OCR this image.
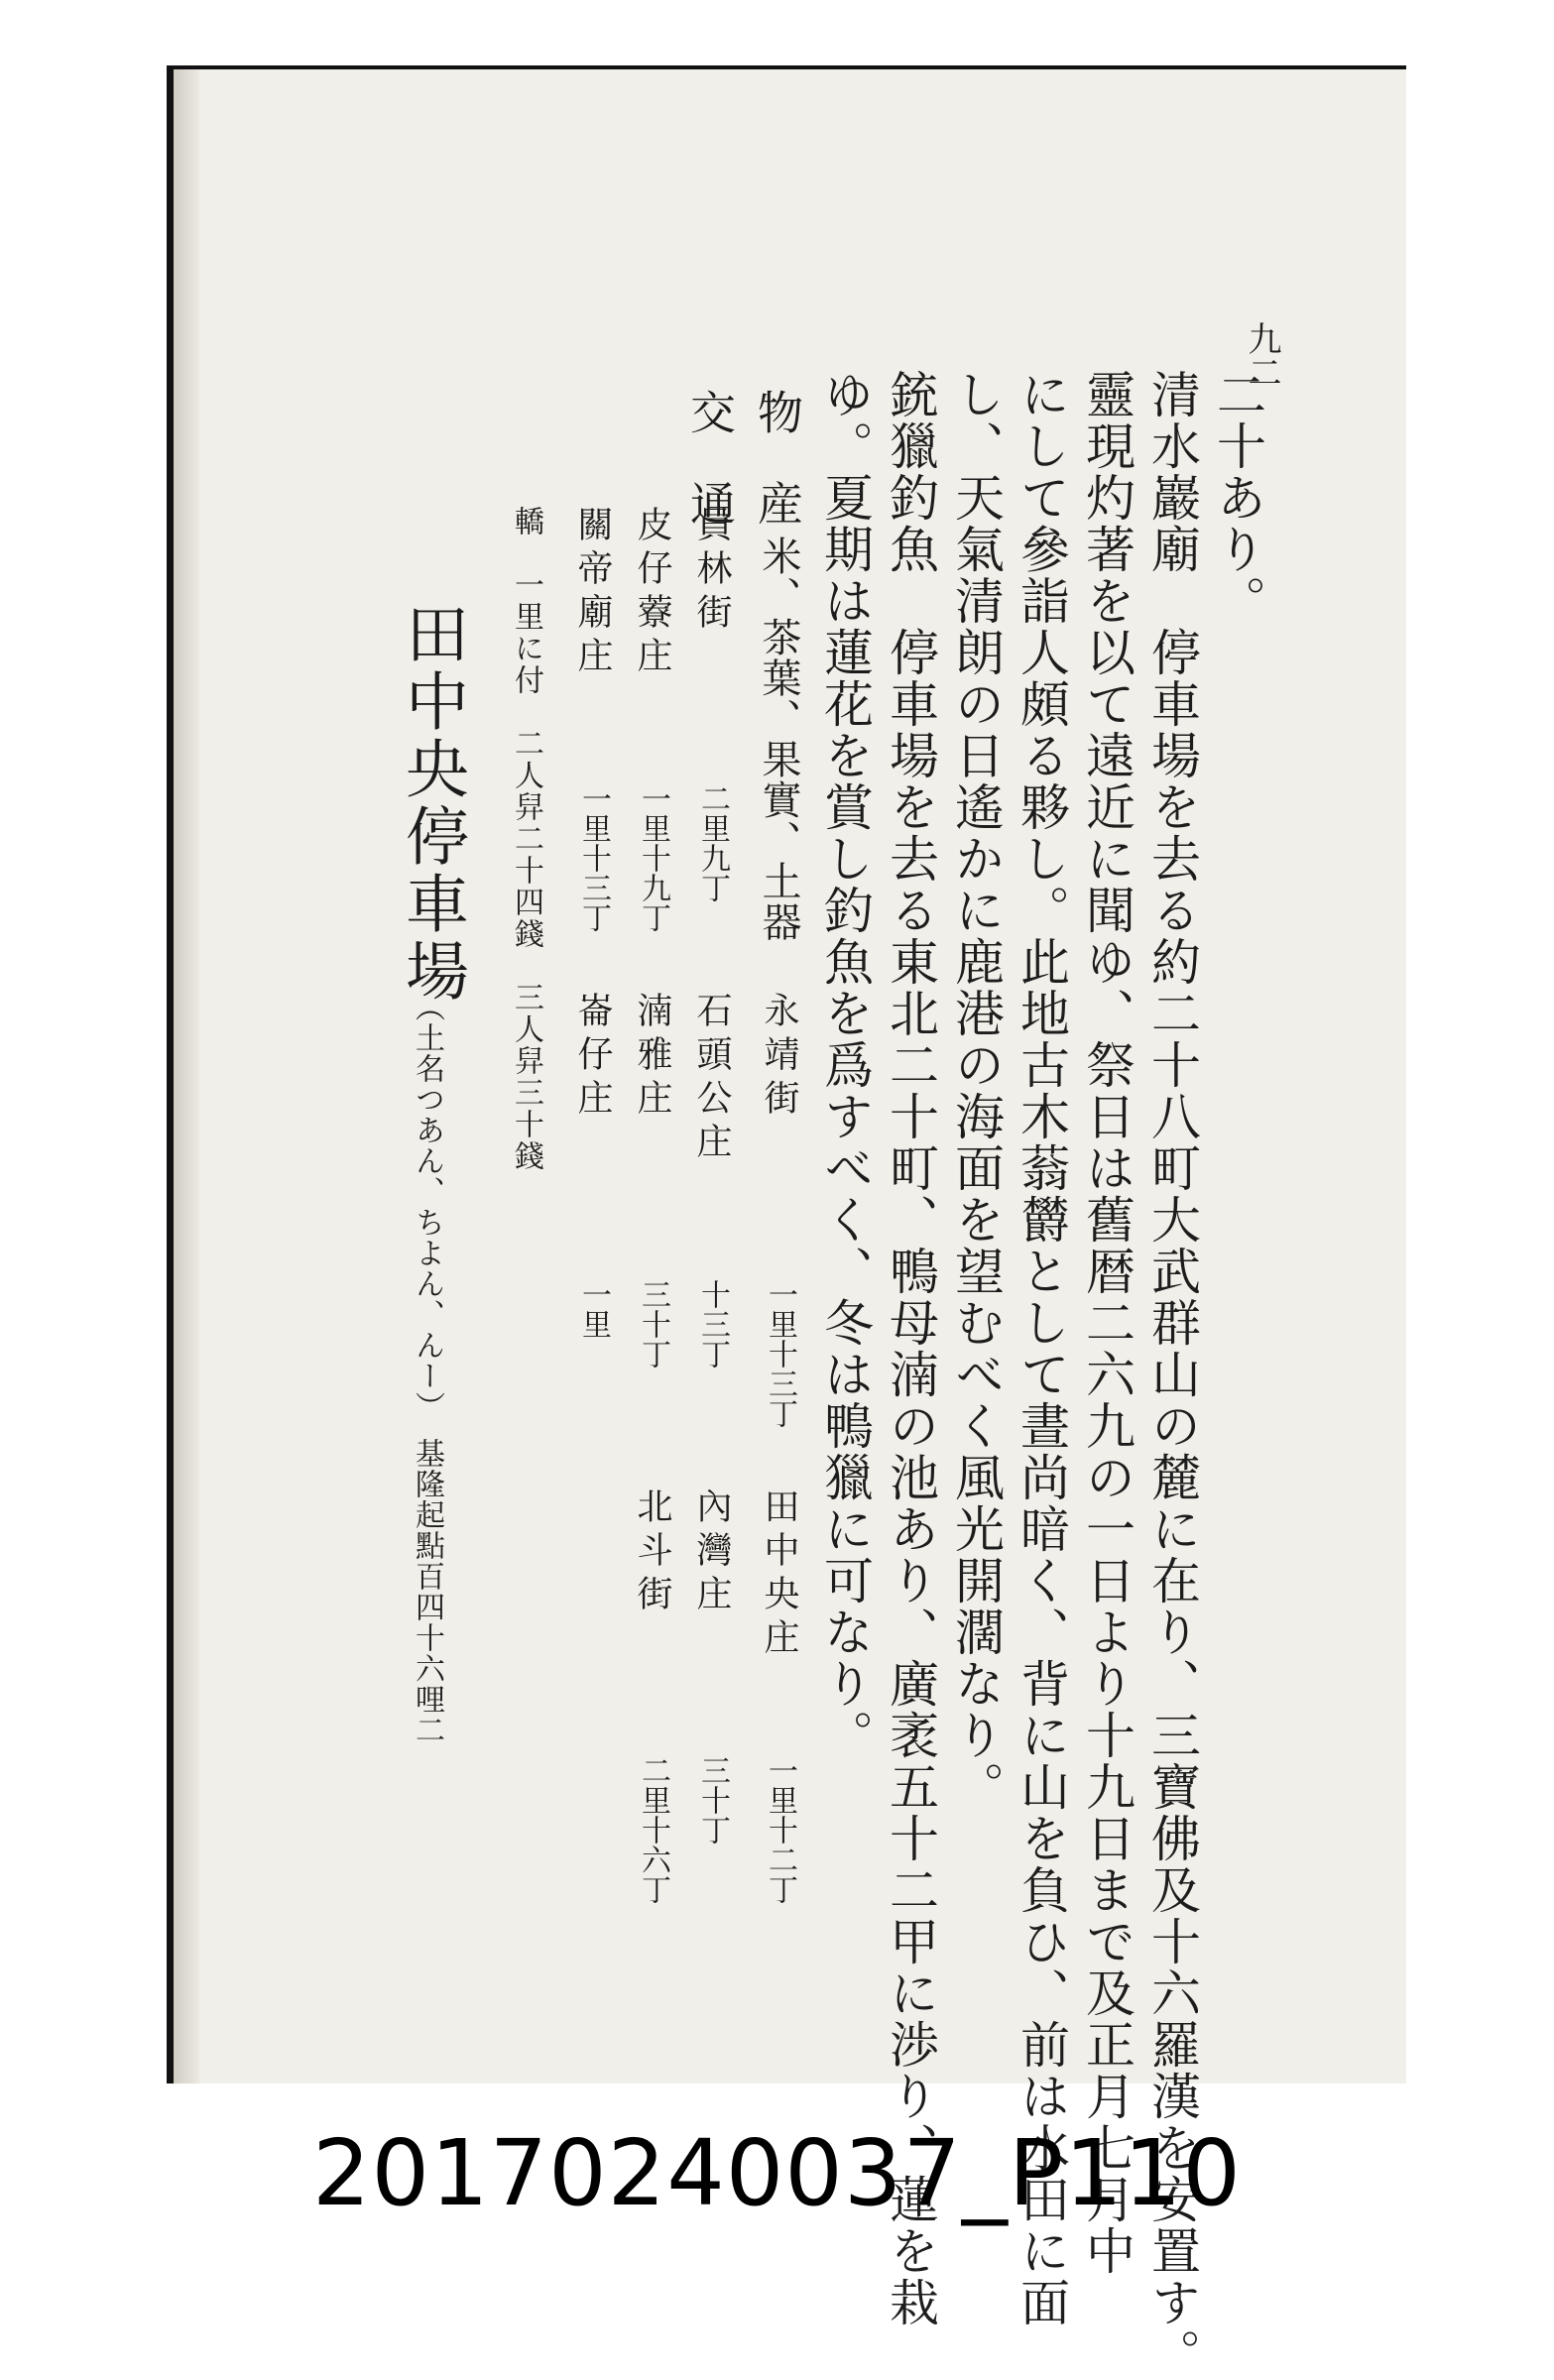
九二
二十あり。
清水巖廟　停車場を去る約二十八町大武群山の麓に在り、三寶佛及十六羅漢を安置す。
靈現灼著を以て遠近に聞ゆ、祭日は舊暦二六九の一日より十九日まで及正月七月中
にして參詣人頗る夥し。此地古木蓊欝として晝尚暗く、背に山を負ひ、前は水田に面
し、天氣清朗の日遙かに鹿港の海面を望むべく風光開濶なり。
銃獵釣魚　停車場を去る東北二十町、鴨母湳の池あり、廣袤五十二甲に渉り、蓮を栽
ゆ。夏期は蓮花を賞し釣魚を爲すべく、冬は鴨獵に可なり。
物　産
米、茶葉、果實、土器
交　通
員林街
二里九丁
永靖街
一里十三丁
田中央庄
一里十二丁
皮仔藔庄
一里十九丁
石頭公庄
十三丁
內灣庄
三十丁
關帝廟庄
一里十三丁
湳雅庄
三十丁
北斗街
二里十六丁
崙仔庄
一里
轎　一里に付　二人舁二十四錢　三人舁三十錢
田中央停車場
（土名つあん、ちよん、んー）
基隆起點百四十六哩二
20170240037_P110
